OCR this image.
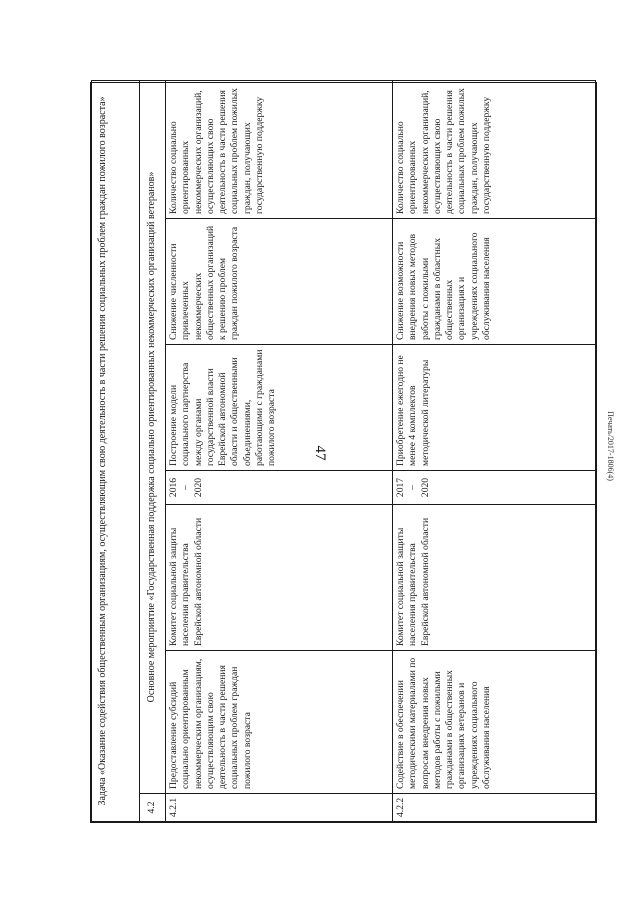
47	Печать/2017-1806(4)
Задача «Оказание содействия общественным организациям, осуществляющим свою деятельность в части решения социальных проблем граждан пожилого возраста»						
4.2	Основное мероприятие «Государственная поддержка социально ориентированных некоммерческих организаций ветеранов»					
4.2.1	Предоставление субсидий социально ориентированным некоммерческим организациям, осуществляющим свою деятельность в части решения социальных проблем граждан пожилого возраста	Комитет социальной защиты населения правительства Еврейской автономной области	2016 – 2020	Построение модели социального партнерства между органами государственной власти Еврейской автономной области и общественными объединениями, работающими с гражданами пожилого возраста	Снижение численности привлеченных некоммерческих общественных организаций к решению проблем граждан пожилого возраста	Количество социально ориентированных некоммерческих организаций, осуществляющих свою деятельность в части решения социальных проблем пожилых граждан, получающих государственную поддержку
4.2.2	Содействие в обеспечении методическими материалами по вопросам внедрения новых методов работы с пожилыми гражданами в общественных организациях ветеранов и учреждениях социального обслуживания населения	Комитет социальной защиты населения правительства Еврейской автономной области	2017 – 2020	Приобретение ежегодно не менее 4 комплектов методической литературы	Снижение возможности внедрения новых методов работы с пожилыми гражданами в областных общественных организациях и учреждениях социального обслуживания населения	Количество социально ориентированных некоммерческих организаций, осуществляющих свою деятельность в части решения социальных проблем пожилых граждан, получающих государственную поддержку
